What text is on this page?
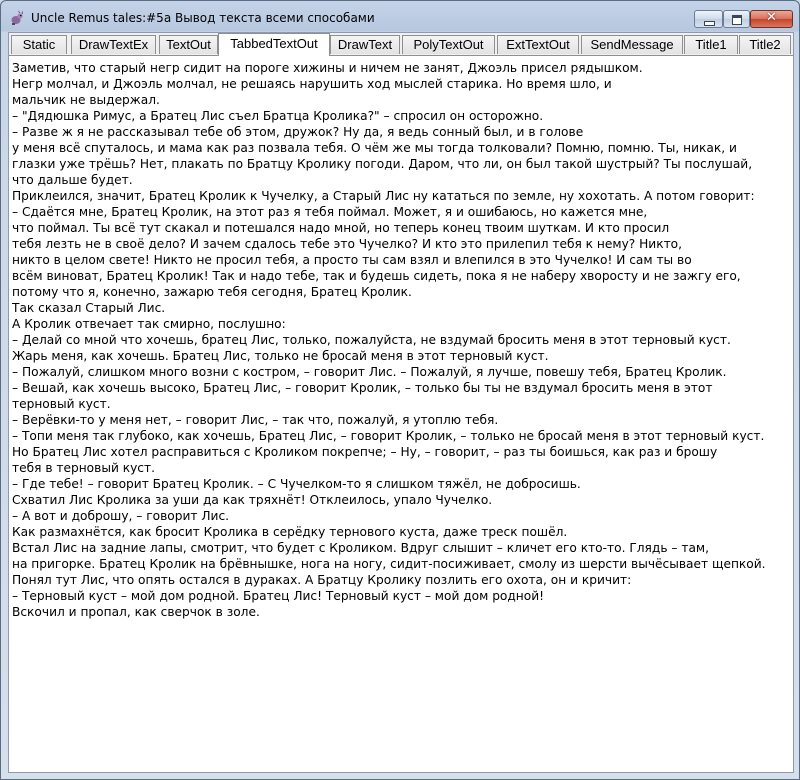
Uncle Remus tales:#5a Вывод текста всеми способами	✕
Static	DrawTextEx	TextOut	TabbedTextOut	DrawText	PolyTextOut	ExtTextOut	SendMessage	Title1	Title2
Заметив, что старый негр сидит на пороге хижины и ничем не занят, Джоэль присел рядышком.
Негр молчал, и Джоэль молчал, не решаясь нарушить ход мыслей старика. Но время шло, и
мальчик не выдержал.
– "Дядюшка Римус, а Братец Лис съел Братца Кролика?" – спросил он осторожно.
– Разве ж я не рассказывал тебе об этом, дружок? Ну да, я ведь сонный был, и в голове
у меня всё спуталось, и мама как раз позвала тебя. О чём же мы тогда толковали? Помню, помню. Ты, никак, и
глазки уже трёшь? Нет, плакать по Братцу Кролику погоди. Даром, что ли, он был такой шустрый? Ты послушай,
что дальше будет.
Приклеился, значит, Братец Кролик к Чучелку, а Старый Лис ну кататься по земле, ну хохотать. А потом говорит:
– Сдаётся мне, Братец Кролик, на этот раз я тебя поймал. Может, я и ошибаюсь, но кажется мне,
что поймал. Ты всё тут скакал и потешался надо мной, но теперь конец твоим шуткам. И кто просил
тебя лезть не в своё дело? И зачем сдалось тебе это Чучелко? И кто это прилепил тебя к нему? Никто,
никто в целом свете! Никто не просил тебя, а просто ты сам взял и влепился в это Чучелко! И сам ты во
всём виноват, Братец Кролик! Так и надо тебе, так и будешь сидеть, пока я не наберу хворосту и не зажгу его,
потому что я, конечно, зажарю тебя сегодня, Братец Кролик.
Так сказал Старый Лис.
А Кролик отвечает так смирно, послушно:
– Делай со мной что хочешь, братец Лис, только, пожалуйста, не вздумай бросить меня в этот терновый куст.
Жарь меня, как хочешь. Братец Лис, только не бросай меня в этот терновый куст.
– Пожалуй, слишком много возни с костром, – говорит Лис. – Пожалуй, я лучше, повешу тебя, Братец Кролик.
– Вешай, как хочешь высоко, Братец Лис, – говорит Кролик, – только бы ты не вздумал бросить меня в этот
терновый куст.
– Верёвки-то у меня нет, – говорит Лис, – так что, пожалуй, я утоплю тебя.
– Топи меня так глубоко, как хочешь, Братец Лис, – говорит Кролик, – только не бросай меня в этот терновый куст.
Но Братец Лис хотел расправиться с Кроликом покрепче; – Ну, – говорит, – раз ты боишься, как раз и брошу
тебя в терновый куст.
– Где тебе! – говорит Братец Кролик. – С Чучелком-то я слишком тяжёл, не добросишь.
Схватил Лис Кролика за уши да как тряхнёт! Отклеилось, упало Чучелко.
– А вот и доброшу, – говорит Лис.
Как размахнётся, как бросит Кролика в серёдку тернового куста, даже треск пошёл.
Встал Лис на задние лапы, смотрит, что будет с Кроликом. Вдруг слышит – кличет его кто-то. Глядь – там,
на пригорке. Братец Кролик на брёвнышке, нога на ногу, сидит-посиживает, смолу из шерсти вычёсывает щепкой.
Понял тут Лис, что опять остался в дураках. А Братцу Кролику позлить его охота, он и кричит:
– Терновый куст – мой дом родной. Братец Лис! Терновый куст – мой дом родной!
Вскочил и пропал, как сверчок в золе.
